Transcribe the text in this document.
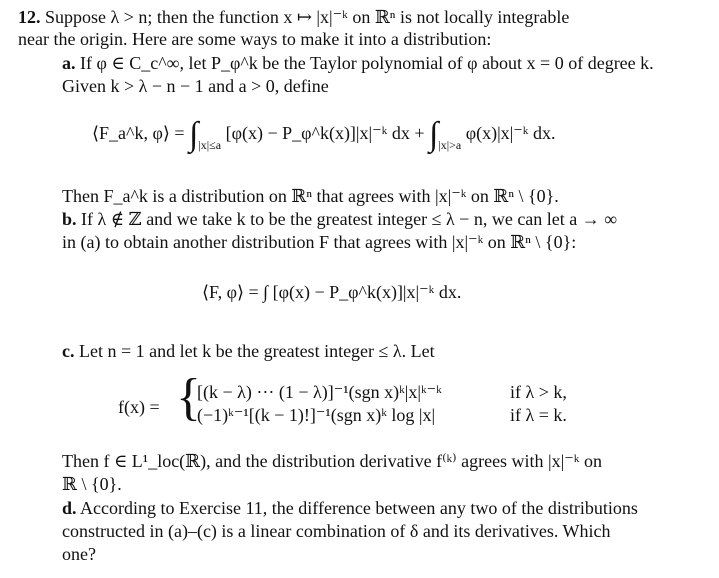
12. Suppose λ > n; then the function x ↦ |x|⁻ᵏ on ℝⁿ is not locally integrable
near the origin. Here are some ways to make it into a distribution:
a. If φ ∈ C_c^∞, let P_φ^k be the Taylor polynomial of φ about x = 0 of degree k.
Given k > λ − n − 1 and a > 0, define
⟨F_a^k, φ⟩ = $\int_{|x|\le a}$ [φ(x) − P_φ^k(x)]|x|⁻ᵏ dx + $\int_{|x|>a}$ φ(x)|x|⁻ᵏ dx.
Then F_a^k is a distribution on ℝⁿ that agrees with |x|⁻ᵏ on ℝⁿ \ {0}.
b. If λ ∉ ℤ and we take k to be the greatest integer ≤ λ − n, we can let a → ∞
in (a) to obtain another distribution F that agrees with |x|⁻ᵏ on ℝⁿ \ {0}:
⟨F, φ⟩ = ∫ [φ(x) − P_φ^k(x)]|x|⁻ᵏ dx.
c. Let n = 1 and let k be the greatest integer ≤ λ. Let
f(x) = {
[(k − λ) ··· (1 − λ)]⁻¹(sgn x)ᵏ|x|ᵏ⁻ᵏ	if λ > k,
(−1)ᵏ⁻¹[(k − 1)!]⁻¹(sgn x)ᵏ log |x|	if λ = k.
Then f ∈ L¹_loc(ℝ), and the distribution derivative f⁽ᵏ⁾ agrees with |x|⁻ᵏ on
ℝ \ {0}.
d. According to Exercise 11, the difference between any two of the distributions
constructed in (a)–(c) is a linear combination of δ and its derivatives. Which
one?
